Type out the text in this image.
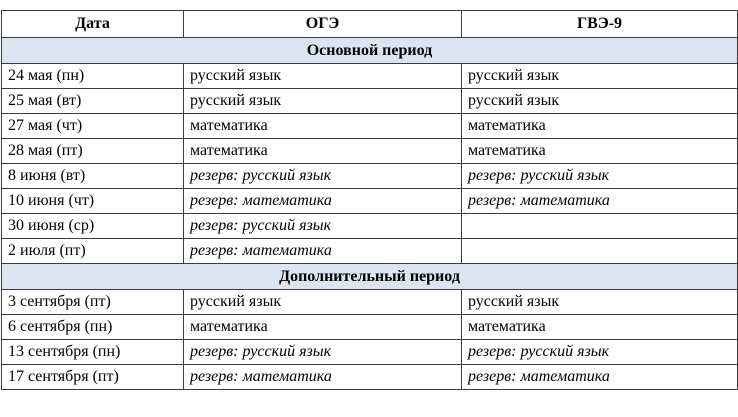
Дата	ОГЭ	ГВЭ-9
Основной период		
24 мая (пн)	русский язык	русский язык
25 мая (вт)	русский язык	русский язык
27 мая (чт)	математика	математика
28 мая (пт)	математика	математика
8 июня (вт)	резерв: русский язык	резерв: русский язык
10 июня (чт)	резерв: математика	резерв: математика
30 июня (ср)	резерв: русский язык	
2 июля (пт)	резерв: математика	
Дополнительный период		
3 сентября (пт)	русский язык	русский язык
6 сентября (пн)	математика	математика
13 сентября (пн)	резерв: русский язык	резерв: русский язык
17 сентября (пт)	резерв: математика	резерв: математика
